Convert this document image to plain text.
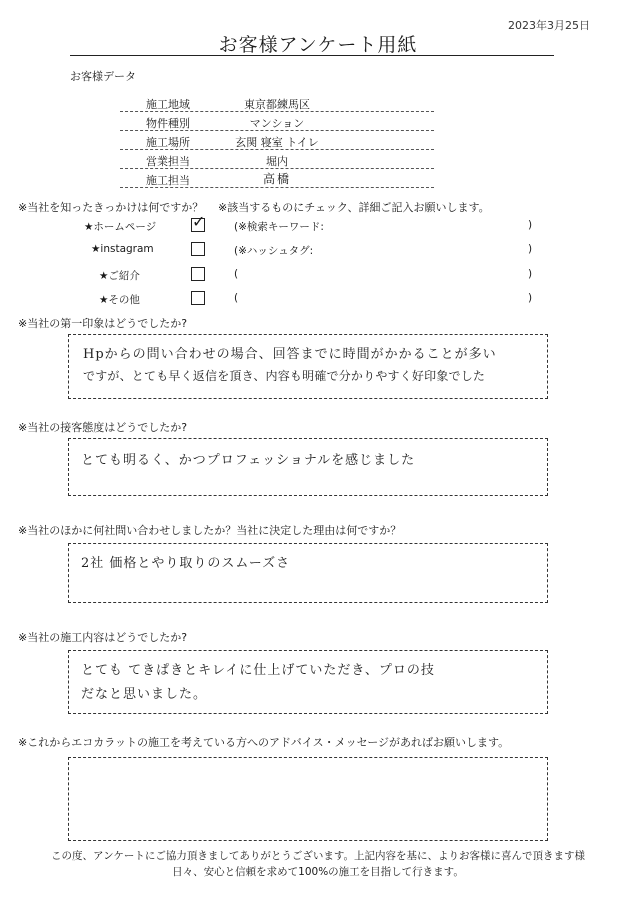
2023年3月25日
お客様アンケート用紙
お客様データ
施工地域	東京都練馬区
物件種別	マンション
施工場所	玄関 寝室 トイレ
営業担当	堀内
施工担当	高橋
※当社を知ったきっかけは何ですか？ ※該当するものにチェック、詳細ご記入お願いします。
★ホームページ ✓	(※検索キーワード:	)
★instagram	(※ハッシュタグ:	)
★ご紹介	(	)
★その他	(	)
※当社の第一印象はどうでしたか?
Hpからの問い合わせの場合、回答までに時間がかかることが多い
ですが、とても早く返信を頂き、内容も明確で分かりやすく好印象でした
※当社の接客態度はどうでしたか?
とても明るく、かつプロフェッショナルを感じました
※当社のほかに何社問い合わせしましたか？当社に決定した理由は何ですか？
2社 価格とやり取りのスムーズさ
※当社の施工内容はどうでしたか?
とても てきぱきとキレイに仕上げていただき、プロの技
だなと思いました。
※これからエコカラットの施工を考えている方へのアドバイス・メッセージがあればお願いします。
この度、アンケートにご協力頂きましてありがとうございます。上記内容を基に、よりお客様に喜んで頂きます様
日々、安心と信頼を求めて100%の施工を目指して行きます。
